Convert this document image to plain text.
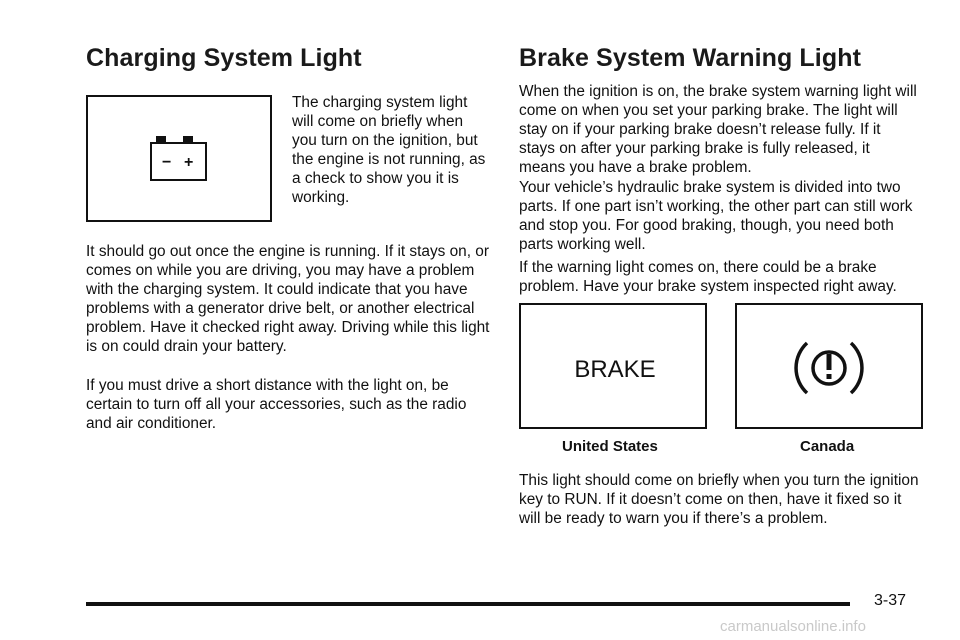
Charging System Light
− +

The charging system light will come on briefly when you turn on the ignition, but the engine is not running, as a check to show you it is working.

It should go out once the engine is running. If it stays on, or comes on while you are driving, you may have a problem with the charging system. It could indicate that you have problems with a generator drive belt, or another electrical problem. Have it checked right away. Driving while this light is on could drain your battery.

If you must drive a short distance with the light on, be certain to turn off all your accessories, such as the radio and air conditioner.

Brake System Warning Light

When the ignition is on, the brake system warning light will come on when you set your parking brake. The light will stay on if your parking brake doesn’t release fully. If it stays on after your parking brake is fully released, it means you have a brake problem.

Your vehicle’s hydraulic brake system is divided into two parts. If one part isn’t working, the other part can still work and stop you. For good braking, though, you need both parts working well.

If the warning light comes on, there could be a brake problem. Have your brake system inspected right away.

BRAKE

United States	Canada

This light should come on briefly when you turn the ignition key to RUN. If it doesn’t come on then, have it fixed so it will be ready to warn you if there’s a problem.

3-37

carmanualsonline.info
